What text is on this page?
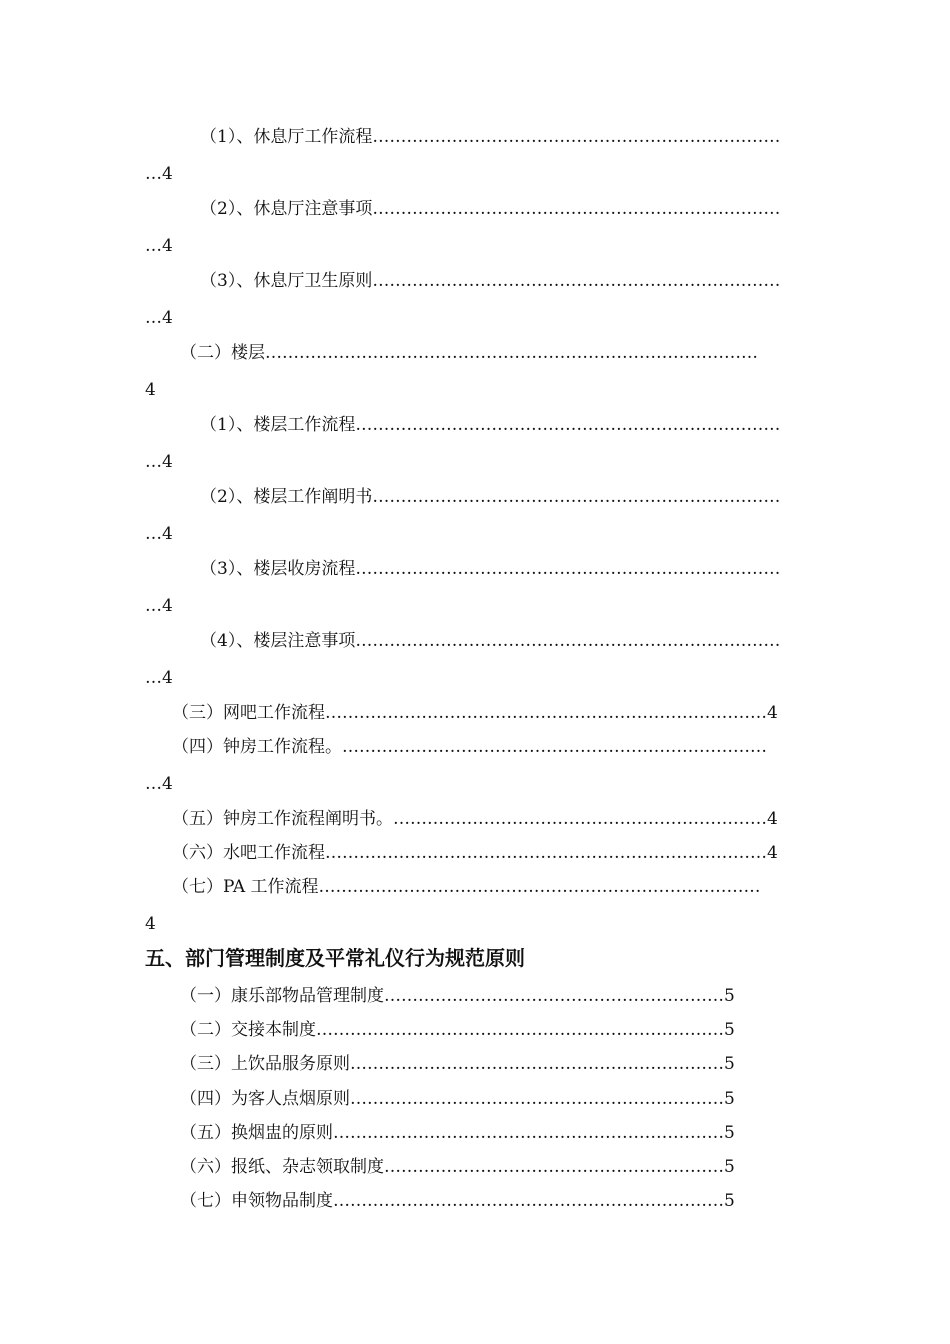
（1）、休息厅工作流程………………………………………………………………
…4
（2）、休息厅注意事项………………………………………………………………
…4
（3）、休息厅卫生原则………………………………………………………………
…4
（二）楼层……………………………………………………………………………
4
（1）、楼层工作流程…………………………………………………………………
…4
（2）、楼层工作阐明书………………………………………………………………
…4
（3）、楼层收房流程…………………………………………………………………
…4
（4）、楼层注意事项…………………………………………………………………
…4
（三）网吧工作流程……………………………………………………………………4
（四）钟房工作流程。…………………………………………………………………
…4
（五）钟房工作流程阐明书。…………………………………………………………4
（六）水吧工作流程……………………………………………………………………4
（七）PA 工作流程……………………………………………………………………
4
五、部门管理制度及平常礼仪行为规范原则
（一）康乐部物品管理制度……………………………………………………5
（二）交接本制度………………………………………………………………5
（三）上饮品服务原则…………………………………………………………5
（四）为客人点烟原则…………………………………………………………5
（五）换烟盅的原则……………………………………………………………5
（六）报纸、杂志领取制度……………………………………………………5
（七）申领物品制度……………………………………………………………5
